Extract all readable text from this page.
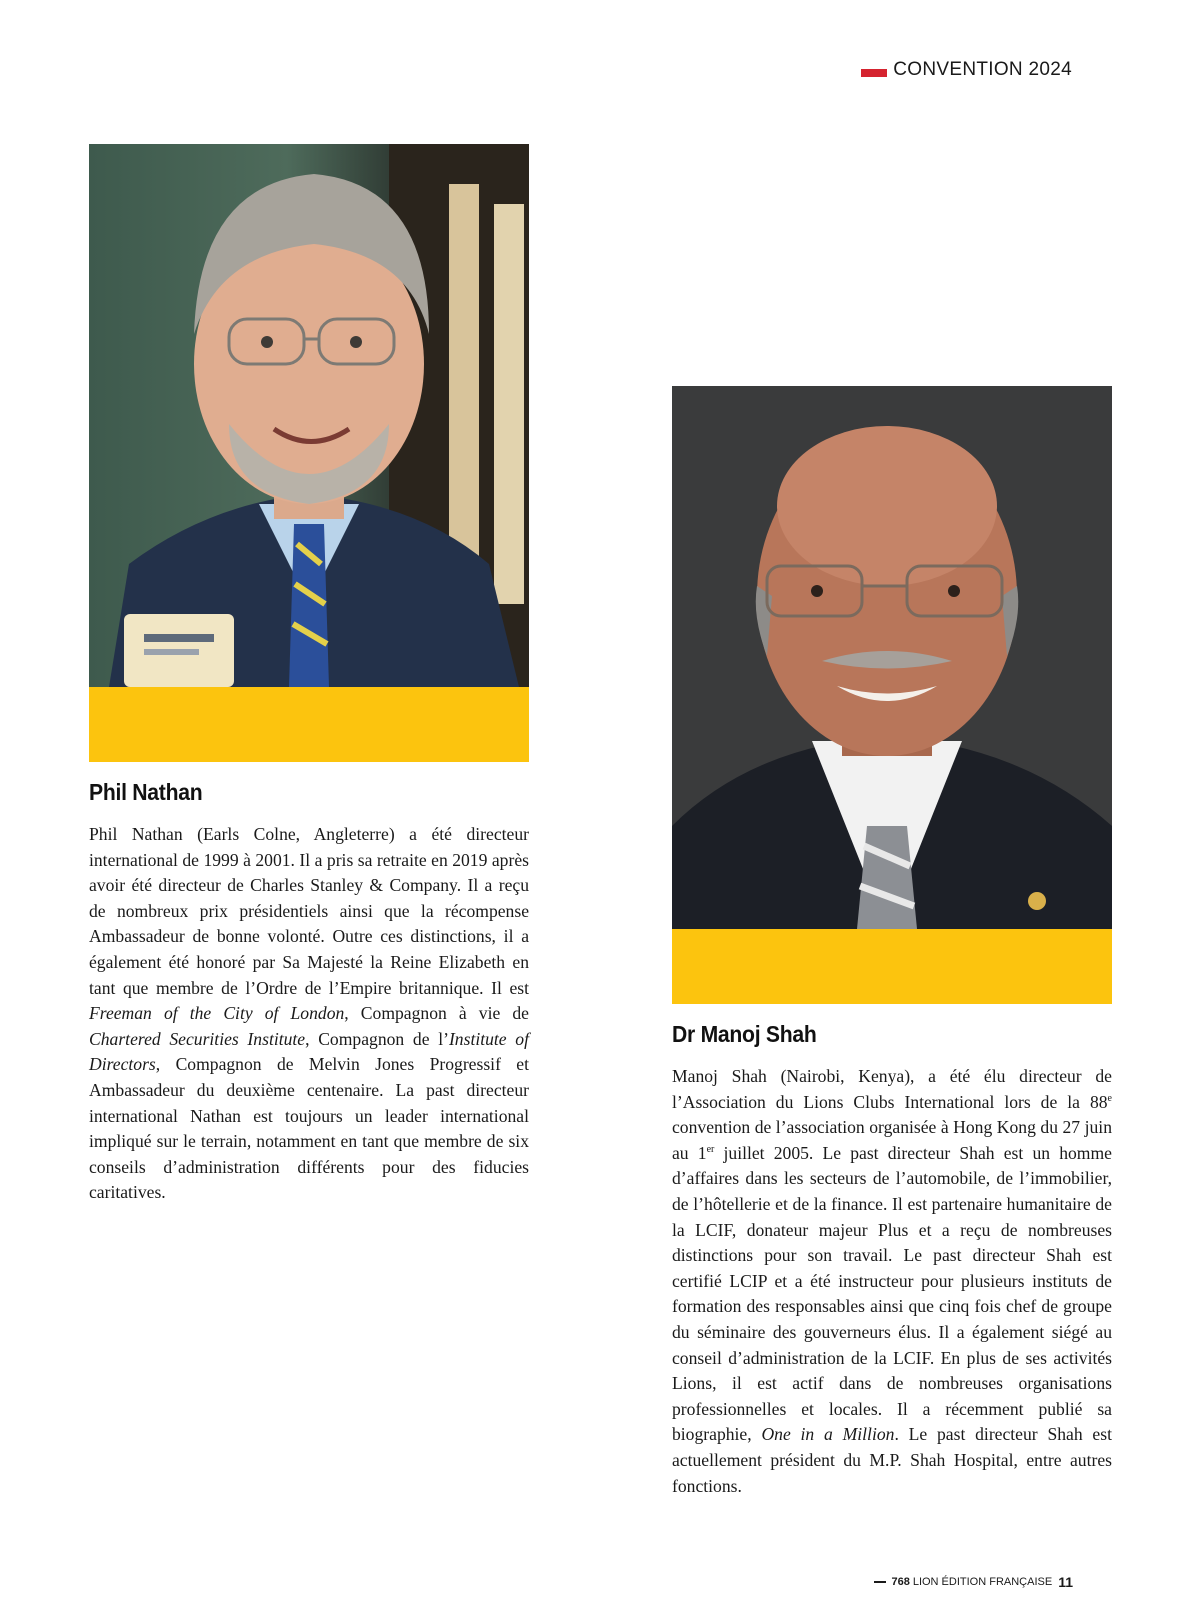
CONVENTION 2024
Phil Nathan

Phil Nathan (Earls Colne, Angleterre) a été directeur international de 1999 à 2001. Il a pris sa retraite en 2019 après avoir été directeur de Charles Stanley & Company. Il a reçu de nombreux prix présidentiels ainsi que la récompense Ambassadeur de bonne volonté. Outre ces distinctions, il a également été honoré par Sa Majesté la Reine Elizabeth en tant que membre de l’Ordre de l’Empire britannique. Il est Freeman of the City of London, Compagnon à vie de Chartered Securities Institute, Compagnon de l’Institute of Directors, Compagnon de Melvin Jones Progressif et Ambassadeur du deuxième centenaire. La past directeur international Nathan est toujours un leader international impliqué sur le terrain, notamment en tant que membre de six conseils d’administration différents pour des fiducies caritatives.

Dr Manoj Shah

Manoj Shah (Nairobi, Kenya), a été élu directeur de l’Association du Lions Clubs International lors de la 88e convention de l’association organisée à Hong Kong du 27 juin au 1er juillet 2005. Le past directeur Shah est un homme d’affaires dans les secteurs de l’automobile, de l’immobilier, de l’hôtellerie et de la finance. Il est partenaire humanitaire de la LCIF, donateur majeur Plus et a reçu de nombreuses distinctions pour son travail. Le past directeur Shah est certifié LCIP et a été instructeur pour plusieurs instituts de formation des responsables ainsi que cinq fois chef de groupe du séminaire des gouverneurs élus. Il a également siégé au conseil d’administration de la LCIF. En plus de ses activités Lions, il est actif dans de nombreuses organisations professionnelles et locales. Il a récemment publié sa biographie, One in a Million. Le past directeur Shah est actuellement président du M.P. Shah Hospital, entre autres fonctions.

768 LION ÉDITION FRANÇAISE 11
